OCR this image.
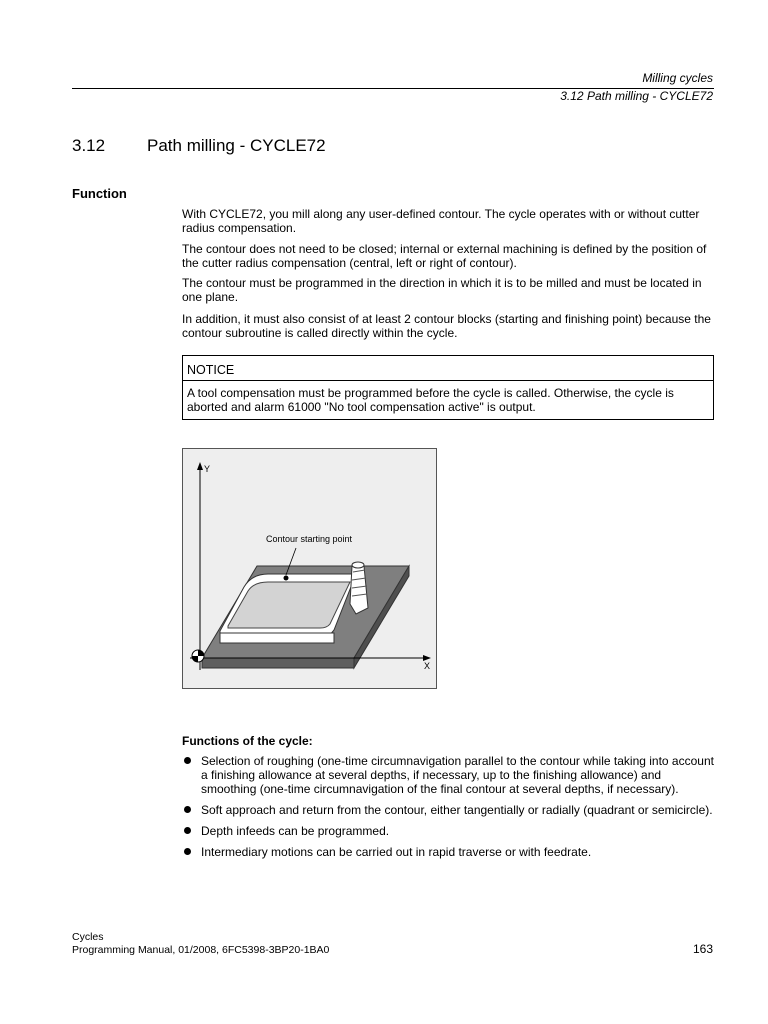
Milling cycles
3.12 Path milling - CYCLE72
3.12 Path milling - CYCLE72
Function
With CYCLE72, you mill along any user-defined contour. The cycle operates with or without cutter radius compensation.
The contour does not need to be closed; internal or external machining is defined by the position of the cutter radius compensation (central, left or right of contour).
The contour must be programmed in the direction in which it is to be milled and must be located in one plane.
In addition, it must also consist of at least 2 contour blocks (starting and finishing point) because the contour subroutine is called directly within the cycle.
NOTICE
A tool compensation must be programmed before the cycle is called. Otherwise, the cycle is aborted and alarm 61000 "No tool compensation active" is output.
Y
Contour starting point
X
Functions of the cycle:
Selection of roughing (one-time circumnavigation parallel to the contour while taking into account a finishing allowance at several depths, if necessary, up to the finishing allowance) and smoothing (one-time circumnavigation of the final contour at several depths, if necessary).
Soft approach and return from the contour, either tangentially or radially (quadrant or semicircle).
Depth infeeds can be programmed.
Intermediary motions can be carried out in rapid traverse or with feedrate.
Cycles
Programming Manual, 01/2008, 6FC5398-3BP20-1BA0	163
